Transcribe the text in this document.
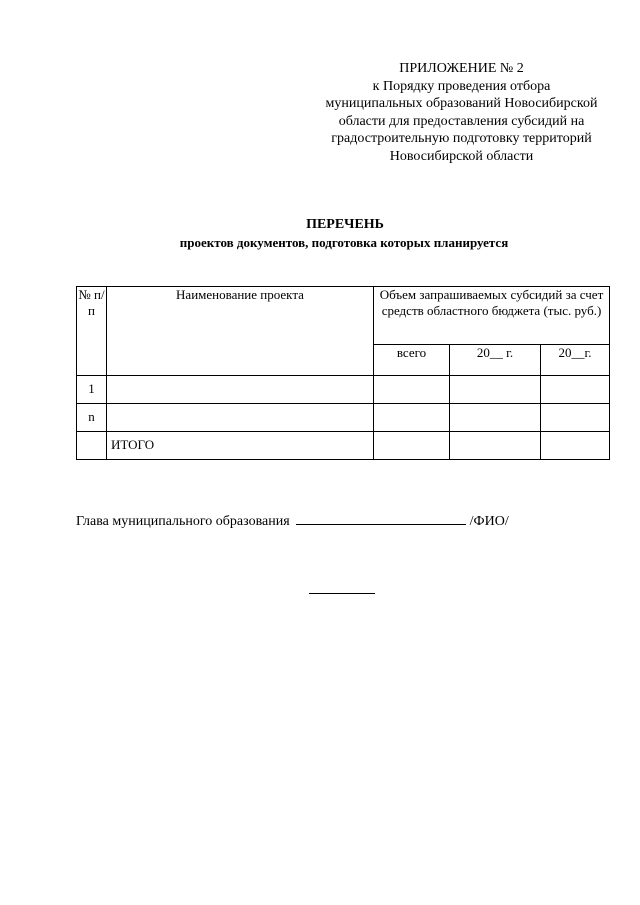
ПРИЛОЖЕНИЕ № 2
к Порядку проведения отбора
муниципальных образований Новосибирской
области для предоставления субсидий на
градостроительную подготовку территорий
Новосибирской области
ПЕРЕЧЕНЬ
проектов документов, подготовка которых планируется
№ п/п	Наименование проекта	Объем запрашиваемых субсидий за счет средств областного бюджета (тыс. руб.)		
		всего	20__ г.	20__г.
1				
n				
	ИТОГО			
Глава муниципального образования	/ФИО/
